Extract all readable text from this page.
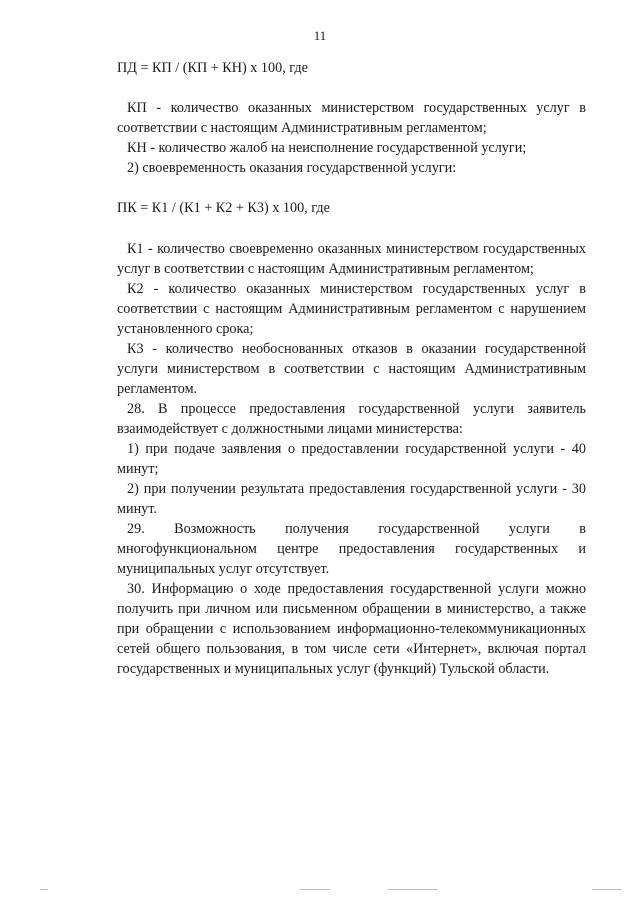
11

ПД = КП / (КП + КН) х 100, где

КП - количество оказанных министерством государственных услуг в соответствии с настоящим Административным регламентом;

КН - количество жалоб на неисполнение государственной услуги;

2) своевременность оказания государственной услуги:

ПК = К1 / (К1 + К2 + К3) х 100, где

К1 - количество своевременно оказанных министерством государственных услуг в соответствии с настоящим Административным регламентом;

К2 - количество оказанных министерством государственных услуг в соответствии с настоящим Административным регламентом с нарушением установленного срока;

К3 - количество необоснованных отказов в оказании государственной услуги министерством в соответствии с настоящим Административным регламентом.

28. В процессе предоставления государственной услуги заявитель взаимодействует с должностными лицами министерства:

1) при подаче заявления о предоставлении государственной услуги - 40 минут;

2) при получении результата предоставления государственной услуги - 30 минут.

29. Возможность получения государственной услуги в многофункциональном центре предоставления государственных и муниципальных услуг отсутствует.

30. Информацию о ходе предоставления государственной услуги можно получить при личном или письменном обращении в министерство, а также при обращении с использованием информационно-телекоммуникационных сетей общего пользования, в том числе сети «Интернет», включая портал государственных и муниципальных услуг (функций) Тульской области.
